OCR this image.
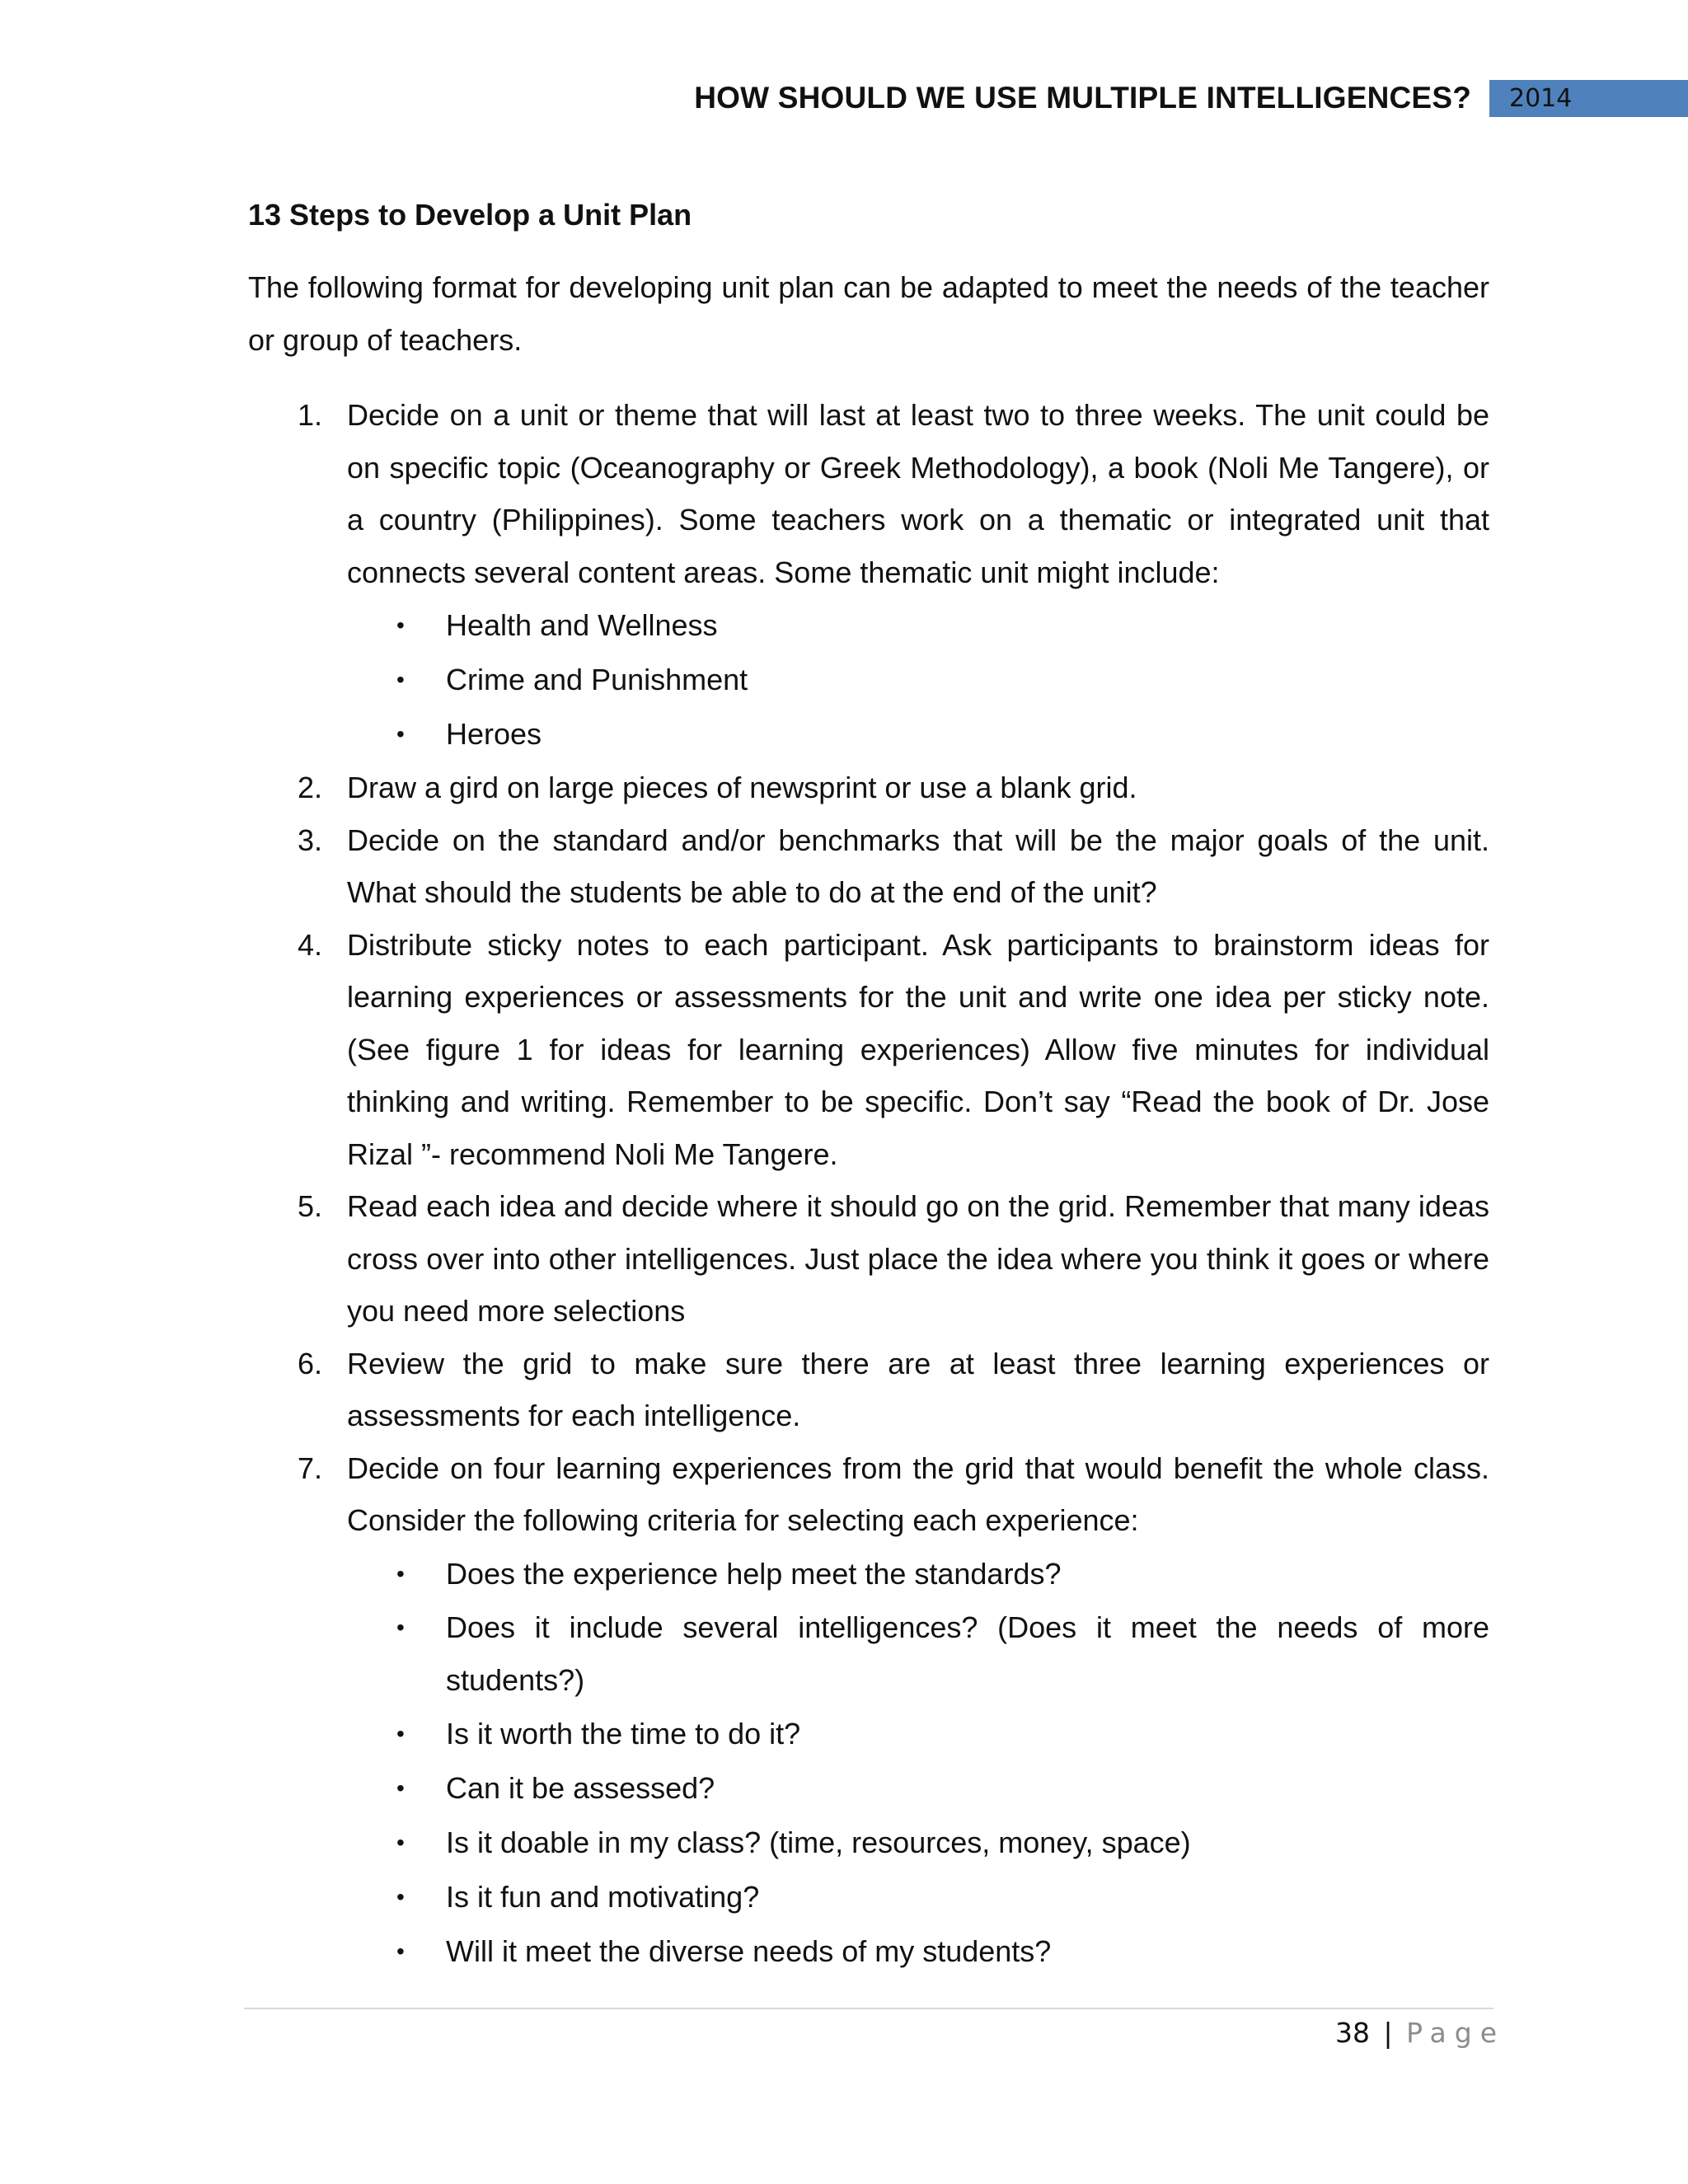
HOW SHOULD WE USE MULTIPLE INTELLIGENCES?	2014
13 Steps to Develop a Unit Plan
The following format for developing unit plan can be adapted to meet the needs of the teacher or group of teachers.
1. Decide on a unit or theme that will last at least two to three weeks. The unit could be on specific topic (Oceanography or Greek Methodology), a book (Noli Me Tangere), or a country (Philippines). Some teachers work on a thematic or integrated unit that connects several content areas. Some thematic unit might include:
• Health and Wellness
• Crime and Punishment
• Heroes
2. Draw a gird on large pieces of newsprint or use a blank grid.
3. Decide on the standard and/or benchmarks that will be the major goals of the unit. What should the students be able to do at the end of the unit?
4. Distribute sticky notes to each participant. Ask participants to brainstorm ideas for learning experiences or assessments for the unit and write one idea per sticky note. (See figure 1 for ideas for learning experiences) Allow five minutes for individual thinking and writing. Remember to be specific. Don’t say “Read the book of Dr. Jose Rizal ”- recommend Noli Me Tangere.
5. Read each idea and decide where it should go on the grid. Remember that many ideas cross over into other intelligences. Just place the idea where you think it goes or where you need more selections
6. Review the grid to make sure there are at least three learning experiences or assessments for each intelligence.
7. Decide on four learning experiences from the grid that would benefit the whole class. Consider the following criteria for selecting each experience:
• Does the experience help meet the standards?
• Does it include several intelligences? (Does it meet the needs of more students?)
• Is it worth the time to do it?
• Can it be assessed?
• Is it doable in my class? (time, resources, money, space)
• Is it fun and motivating?
• Will it meet the diverse needs of my students?
38 | Page
